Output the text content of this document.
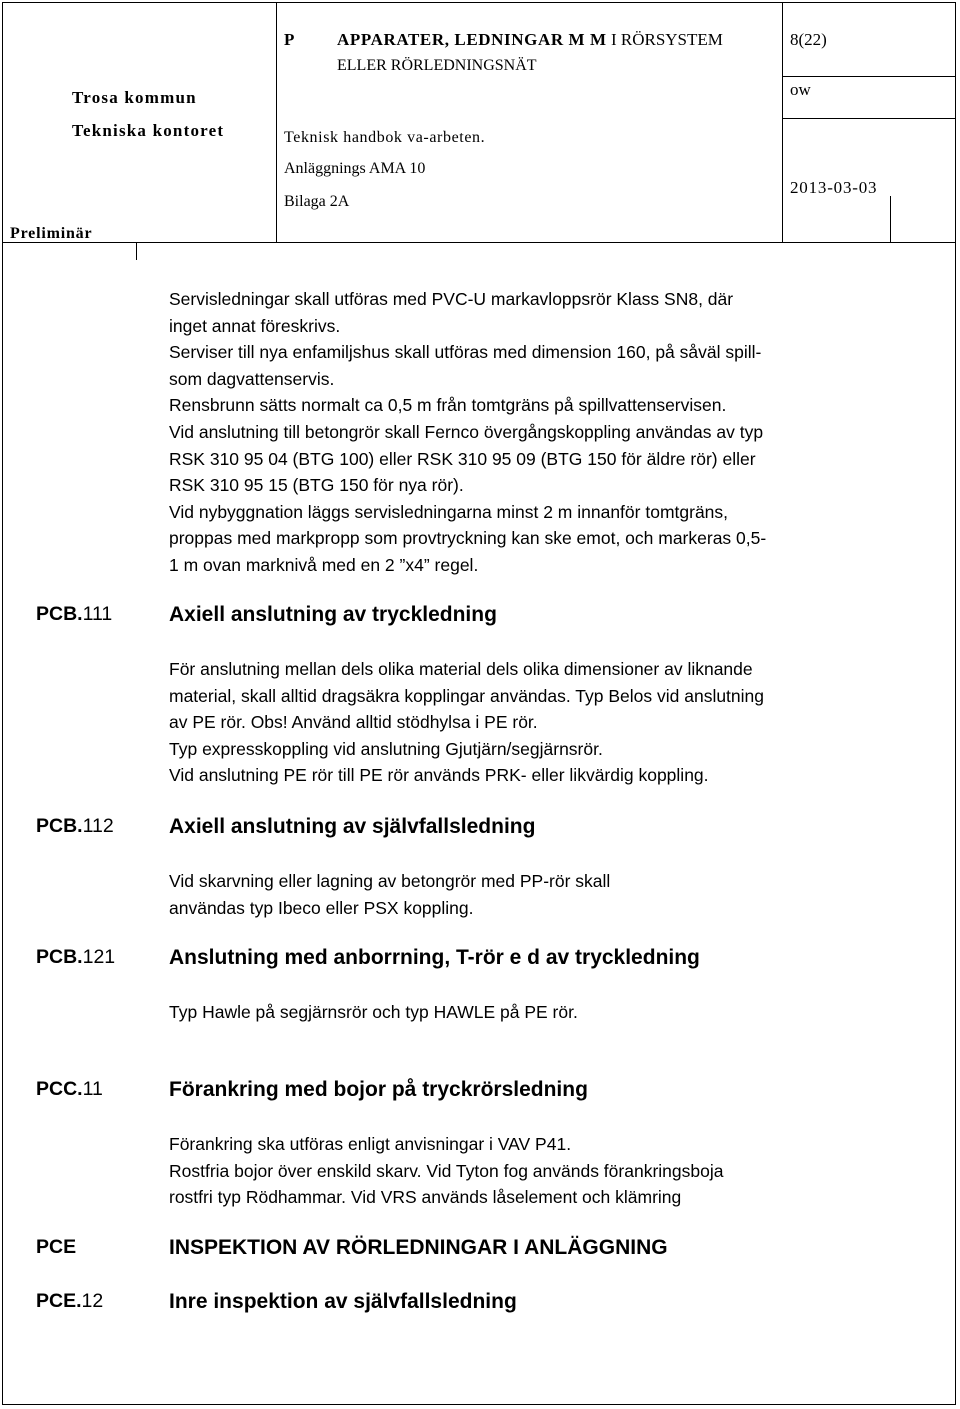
Trosa kommun
Tekniska kontoret
Preliminär
P	APPARATER, LEDNINGAR M M I RÖRSYSTEM
ELLER RÖRLEDNINGSNÄT
Teknisk handbok va-arbeten.
Anläggnings AMA 10
Bilaga 2A
8(22)
ow
2013-03-03

Servisledningar skall utföras med PVC-U markavloppsrör Klass SN8, där

inget annat föreskrivs.

Serviser till nya enfamiljshus skall utföras med dimension 160, på såväl spill-

som dagvattenservis.

Rensbrunn sätts normalt ca 0,5 m från tomtgräns på spillvattenservisen.

Vid anslutning till betongrör skall Fernco övergångskoppling användas av typ

RSK 310 95 04 (BTG 100) eller RSK 310 95 09 (BTG 150 för äldre rör) eller

RSK 310 95 15 (BTG 150 för nya rör).

Vid nybyggnation läggs servisledningarna minst 2 m innanför tomtgräns,

proppas med markpropp som provtryckning kan ske emot, och markeras 0,5-

1 m ovan marknivå med en 2 ”x4” regel.

PCB.111	Axiell anslutning av tryckledning

För anslutning mellan dels olika material dels olika dimensioner av liknande

material, skall alltid dragsäkra kopplingar användas. Typ Belos vid anslutning

av PE rör. Obs! Använd alltid stödhylsa i PE rör.

Typ expresskoppling vid anslutning Gjutjärn/segjärnsrör.

Vid anslutning PE rör till PE rör används PRK- eller likvärdig koppling.

PCB.112	Axiell anslutning av självfallsledning

Vid skarvning eller lagning av betongrör med PP-rör skall

användas typ Ibeco eller PSX koppling.

PCB.121	Anslutning med anborrning, T-rör e d av tryckledning

Typ Hawle på segjärnsrör och typ HAWLE på PE rör.

PCC.11	Förankring med bojor på tryckrörsledning

Förankring ska utföras enligt anvisningar i VAV P41.

Rostfria bojor över enskild skarv. Vid Tyton fog används förankringsboja

rostfri typ Rödhammar. Vid VRS används låselement och klämring

PCE	INSPEKTION AV RÖRLEDNINGAR I ANLÄGGNING
PCE.12	Inre inspektion av självfallsledning
